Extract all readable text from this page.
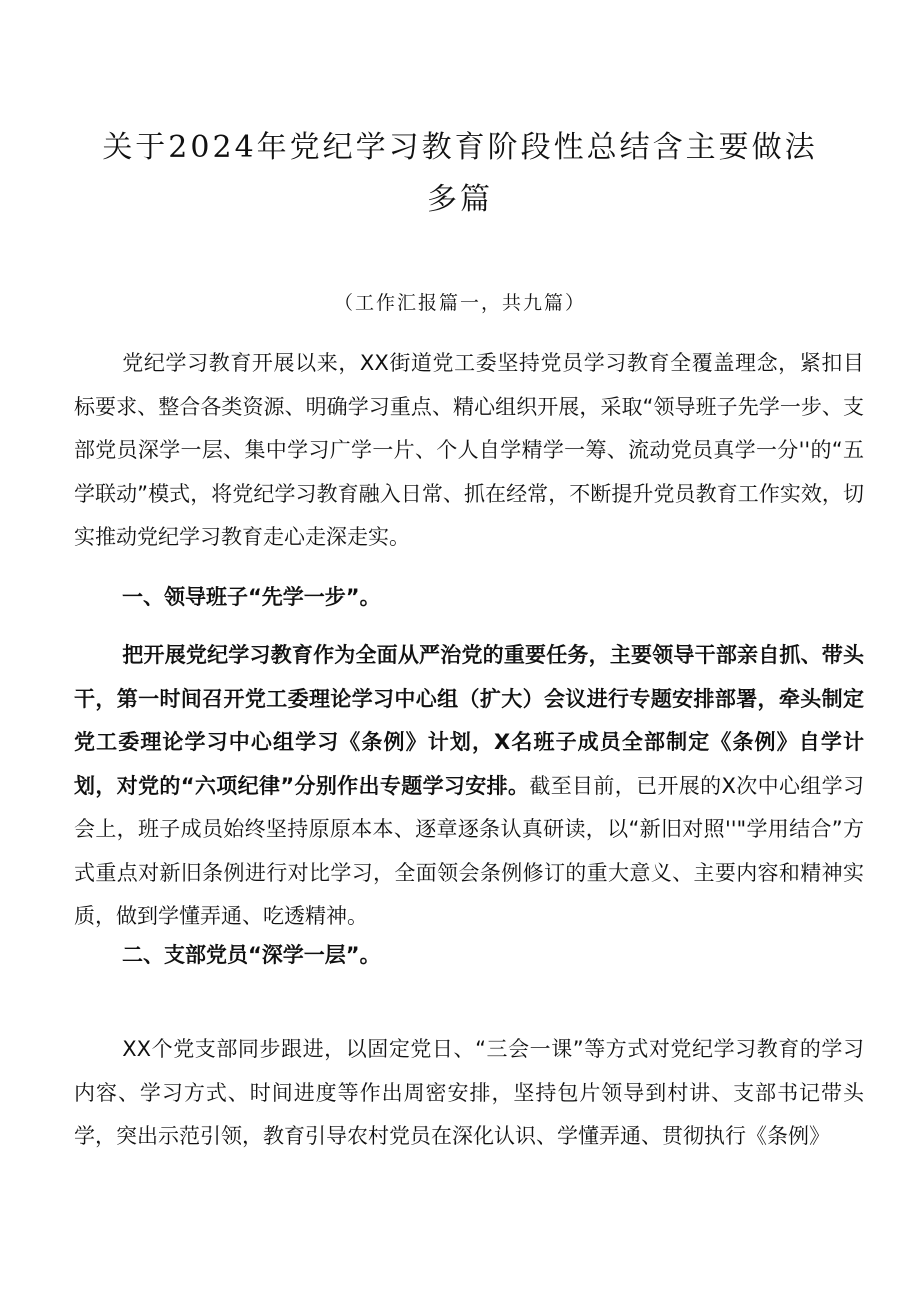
关于2024年党纪学习教育阶段性总结含主要做法多篇
（工作汇报篇一，共九篇）
党纪学习教育开展以来，XX街道党工委坚持党员学习教育全覆盖理念，紧扣目标要求、整合各类资源、明确学习重点、精心组织开展，采取“领导班子先学一步、支部党员深学一层、集中学习广学一片、个人自学精学一筹、流动党员真学一分''的“五学联动”模式，将党纪学习教育融入日常、抓在经常，不断提升党员教育工作实效，切实推动党纪学习教育走心走深走实。
一、领导班子“先学一步”。
把开展党纪学习教育作为全面从严治党的重要任务，主要领导干部亲自抓、带头干，第一时间召开党工委理论学习中心组（扩大）会议进行专题安排部署，牵头制定党工委理论学习中心组学习《条例》计划，X名班子成员全部制定《条例》自学计划，对党的“六项纪律”分别作出专题学习安排。截至目前，已开展的X次中心组学习会上，班子成员始终坚持原原本本、逐章逐条认真研读，以“新旧对照''"学用结合”方式重点对新旧条例进行对比学习，全面领会条例修订的重大意义、主要内容和精神实质，做到学懂弄通、吃透精神。
二、支部党员“深学一层”。
XX个党支部同步跟进，以固定党日、“三会一课”等方式对党纪学习教育的学习内容、学习方式、时间进度等作出周密安排，坚持包片领导到村讲、支部书记带头学，突出示范引领，教育引导农村党员在深化认识、学懂弄通、贯彻执行《条例》
